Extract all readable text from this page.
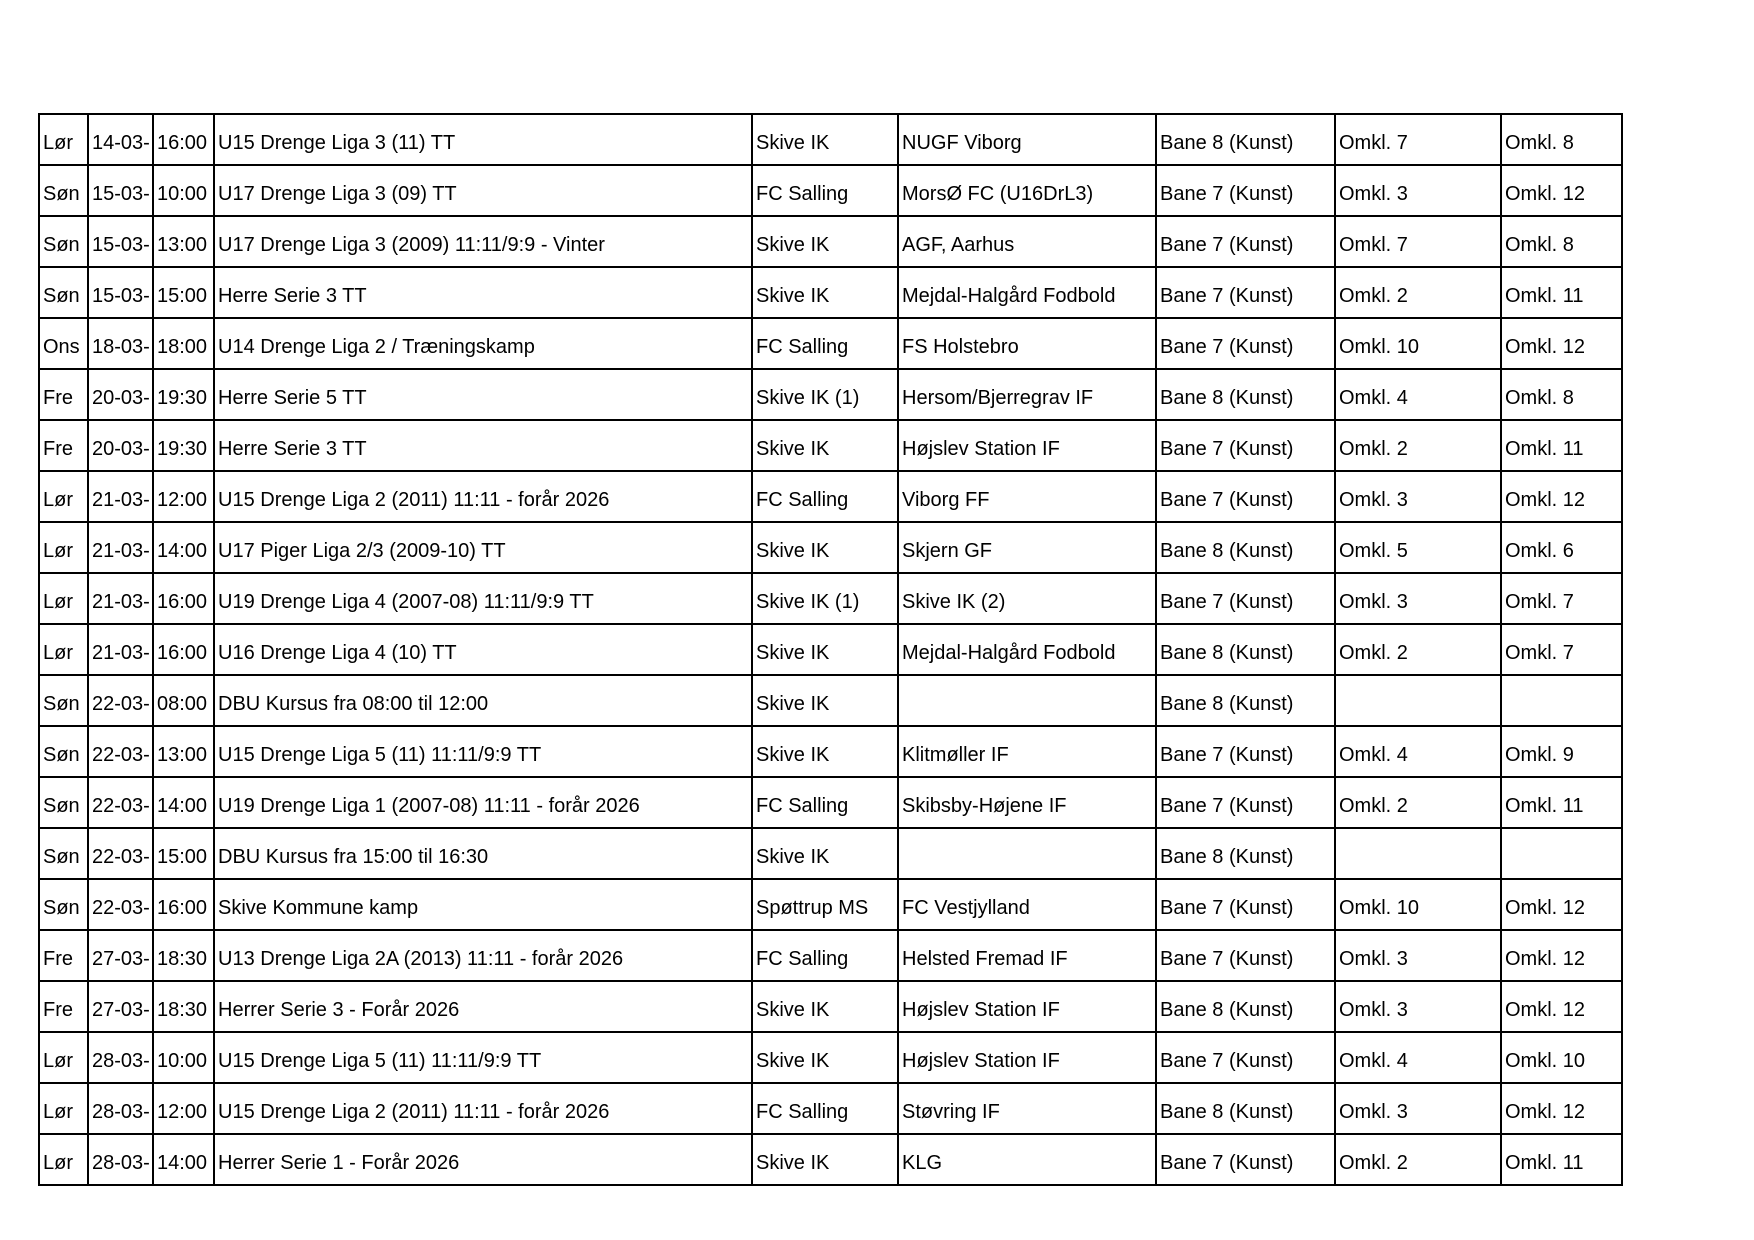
Lør	14-03-	16:00	U15 Drenge Liga 3 (11) TT	Skive IK	NUGF Viborg	Bane 8 (Kunst)	Omkl. 7	Omkl. 8
Søn	15-03-	10:00	U17 Drenge Liga 3 (09) TT	FC Salling	MorsØ FC (U16DrL3)	Bane 7 (Kunst)	Omkl. 3	Omkl. 12
Søn	15-03-	13:00	U17 Drenge Liga 3 (2009) 11:11/9:9 - Vinter	Skive IK	AGF, Aarhus	Bane 7 (Kunst)	Omkl. 7	Omkl. 8
Søn	15-03-	15:00	Herre Serie 3 TT	Skive IK	Mejdal-Halgård Fodbold	Bane 7 (Kunst)	Omkl. 2	Omkl. 11
Ons	18-03-	18:00	U14 Drenge Liga 2 / Træningskamp	FC Salling	FS Holstebro	Bane 7 (Kunst)	Omkl. 10	Omkl. 12
Fre	20-03-	19:30	Herre Serie 5 TT	Skive IK (1)	Hersom/Bjerregrav IF	Bane 8 (Kunst)	Omkl. 4	Omkl. 8
Fre	20-03-	19:30	Herre Serie 3 TT	Skive IK	Højslev Station IF	Bane 7 (Kunst)	Omkl. 2	Omkl. 11
Lør	21-03-	12:00	U15 Drenge Liga 2 (2011) 11:11 - forår 2026	FC Salling	Viborg FF	Bane 7 (Kunst)	Omkl. 3	Omkl. 12
Lør	21-03-	14:00	U17 Piger Liga 2/3 (2009-10) TT	Skive IK	Skjern GF	Bane 8 (Kunst)	Omkl. 5	Omkl. 6
Lør	21-03-	16:00	U19 Drenge Liga 4 (2007-08) 11:11/9:9 TT	Skive IK (1)	Skive IK (2)	Bane 7 (Kunst)	Omkl. 3	Omkl. 7
Lør	21-03-	16:00	U16 Drenge Liga 4 (10) TT	Skive IK	Mejdal-Halgård Fodbold	Bane 8 (Kunst)	Omkl. 2	Omkl. 7
Søn	22-03-	08:00	DBU Kursus fra 08:00 til 12:00	Skive IK		Bane 8 (Kunst)		
Søn	22-03-	13:00	U15 Drenge Liga 5 (11) 11:11/9:9 TT	Skive IK	Klitmøller IF	Bane 7 (Kunst)	Omkl. 4	Omkl. 9
Søn	22-03-	14:00	U19 Drenge Liga 1 (2007-08) 11:11 - forår 2026	FC Salling	Skibsby-Højene IF	Bane 7 (Kunst)	Omkl. 2	Omkl. 11
Søn	22-03-	15:00	DBU Kursus fra 15:00 til 16:30	Skive IK		Bane 8 (Kunst)		
Søn	22-03-	16:00	Skive Kommune kamp	Spøttrup MS	FC Vestjylland	Bane 7 (Kunst)	Omkl. 10	Omkl. 12
Fre	27-03-	18:30	U13 Drenge Liga 2A (2013) 11:11 - forår 2026	FC Salling	Helsted Fremad IF	Bane 7 (Kunst)	Omkl. 3	Omkl. 12
Fre	27-03-	18:30	Herrer Serie 3 - Forår 2026	Skive IK	Højslev Station IF	Bane 8 (Kunst)	Omkl. 3	Omkl. 12
Lør	28-03-	10:00	U15 Drenge Liga 5 (11) 11:11/9:9 TT	Skive IK	Højslev Station IF	Bane 7 (Kunst)	Omkl. 4	Omkl. 10
Lør	28-03-	12:00	U15 Drenge Liga 2 (2011) 11:11 - forår 2026	FC Salling	Støvring IF	Bane 8 (Kunst)	Omkl. 3	Omkl. 12
Lør	28-03-	14:00	Herrer Serie 1 - Forår 2026	Skive IK	KLG	Bane 7 (Kunst)	Omkl. 2	Omkl. 11
